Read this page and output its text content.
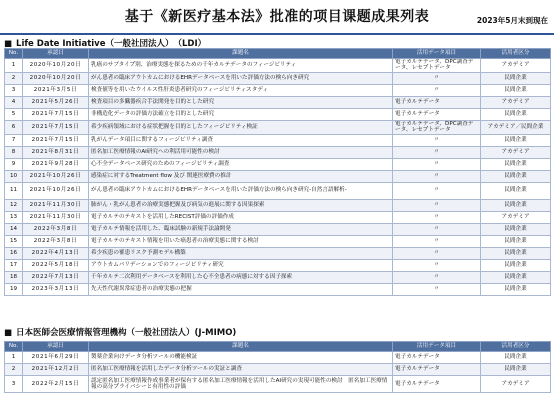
基于《新医疗基本法》批准的项目课题成果列表	2023年5月末到现在
■ Life Date Initiative（一般社団法人）　（LDI）
No.	承認日	課題名	活用データ項目	活用者区分
1	2020年10月20日	乳癌のサブタイプ別、治療実態を探るための千年カルテデータのフィージビリティ	電子カルテデータ、DPC調査データ、レセプトデータ	アカデミア
2	2020年10月20日	がん患者の臨床アウトカムにおけるEHRデータベースを用いた評価方法の検ら向き研究	〃	民間企業
3	2021年3月5日	検査値等を用いたウイルス性肝炎患者研究のフィージビリティスタディ	〃	民間企業
4	2021年5月26日	検査項目の多臓器疾合手法開発を目的とした研究	電子カルテデータ	アカデミア
5	2021年7月15日	非構造化データの評価方法確立を目的とした研究	電子カルテデータ	民間企業
6	2021年7月15日	希少疾病領域における症状把握を目的としたフィージビリティ検証	電子カルテデータ、DPC調査データ、レセプトデータ	アカデミア／民間企業
7	2021年7月15日	乳がんデータ項目に関するフィージビリティ調査	〃	民間企業
8	2021年8月31日	匿名加工医療情報のAI研究への利活用可能性の検討	〃	アカデミア
9	2021年9月28日	心不全データベース研究のためのフィージビリティ調査	〃	民間企業
10	2021年10月26日	感染症に対するTreatment flow 及び 関連医療費の推計	〃	民間企業
11	2021年10月26日	がん患者の臨床アウトカムにおけるEHRデータベースを用いた評価方法の検ら向き研究-自然言語解析-	〃	民間企業
12	2021年11月30日	肺がん・乳がん患者の治療実態把握及び病気の進展に関する因果探索	〃	民間企業
13	2021年11月30日	電子カルテのテキストを活用したRECIST評価の評価作成	〃	アカデミア
14	2022年3月8日	電子カルテ情報を活用した、臨床試験の新規手法論開発	〃	民間企業
15	2022年3月8日	電子カルテのテキスト情報を用いた癌患者の治療実態に関する検討	〃	民間企業
16	2022年4月13日	希少疾患の罹患リスク予測モデル構築	〃	民間企業
17	2022年5月18日	アウトカムバリデーションでのフィージビリティ研究	〃	民間企業
18	2022年7月13日	千年カルテ二次利用データベースを利用した心不全患者の病態に対する因子探索	〃	民間企業
19	2023年3月13日	先天性代謝異常症患者の治療実態の把握	〃	民間企業
■ 日本医師会医療情報管理機构（一般社団法人）(J-MIMO)
No.	承認日	課題名	活用データ項目	活用者区分
1	2021年6月29日	製薬企業向けデータ分析ツールの機能検証	電子カルテデータ	民間企業
2	2021年12月2日	匿名加工医療情報を活用したデータ分析ツールの実証と調査	電子カルテデータ	民間企業
3	2022年2月15日	認定匿名加工医療情報作成事業者が保有する匿名加工医療情報を活用したAI研究の実現可能性の検討　匿名加工医療情報の高分プライバシーと有用性の評価	電子カルテデータ	アカデミア
